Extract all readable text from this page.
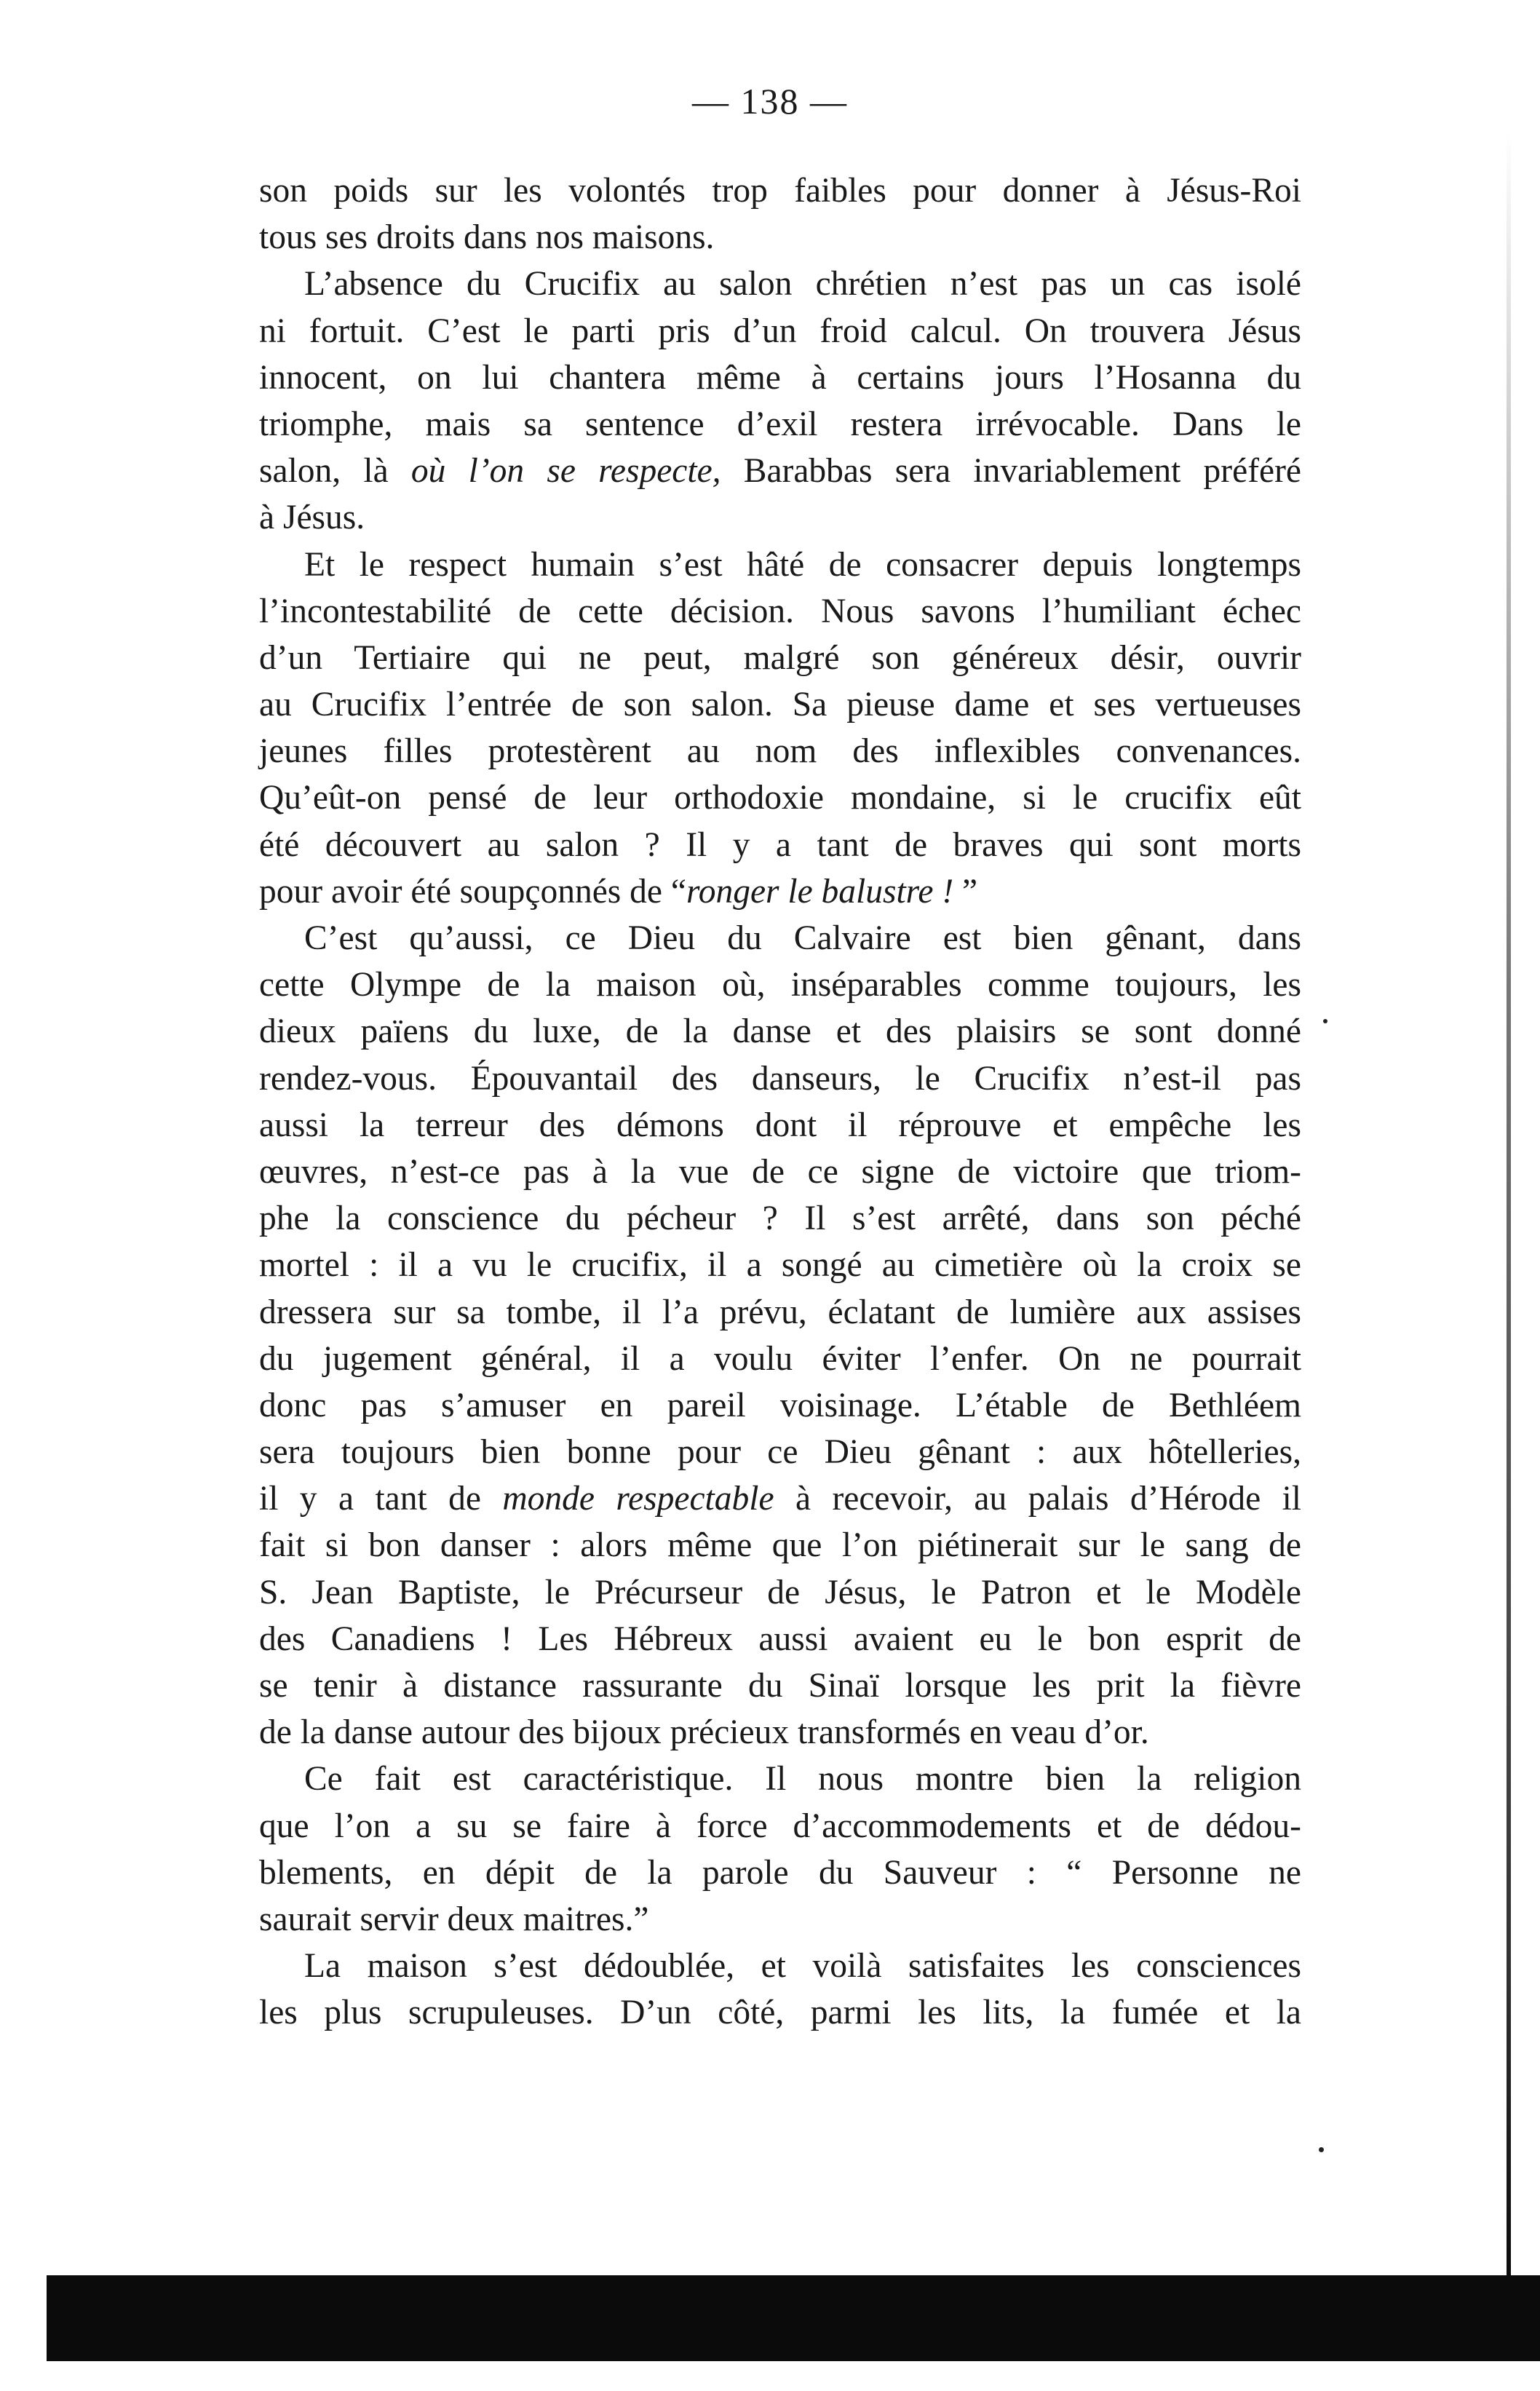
— 138 —
son poids sur les volontés trop faibles pour donner à Jésus-Roi
tous ses droits dans nos maisons.
L’absence du Crucifix au salon chrétien n’est pas un cas isolé
ni fortuit. C’est le parti pris d’un froid calcul. On trouvera Jésus
innocent, on lui chantera même à certains jours l’Hosanna du
triomphe, mais sa sentence d’exil restera irrévocable. Dans le
salon, là où l’on se respecte, Barabbas sera invariablement préféré
à Jésus.
Et le respect humain s’est hâté de consacrer depuis longtemps
l’incontestabilité de cette décision. Nous savons l’humiliant échec
d’un Tertiaire qui ne peut, malgré son généreux désir, ouvrir
au Crucifix l’entrée de son salon. Sa pieuse dame et ses vertueuses
jeunes filles protestèrent au nom des inflexibles convenances.
Qu’eût-on pensé de leur orthodoxie mondaine, si le crucifix eût
été découvert au salon ? Il y a tant de braves qui sont morts
pour avoir été soupçonnés de “ronger le balustre ! ”
C’est qu’aussi, ce Dieu du Calvaire est bien gênant, dans
cette Olympe de la maison où, inséparables comme toujours, les
dieux païens du luxe, de la danse et des plaisirs se sont donné
rendez-vous. Épouvantail des danseurs, le Crucifix n’est-il pas
aussi la terreur des démons dont il réprouve et empêche les
œuvres, n’est-ce pas à la vue de ce signe de victoire que triom-
phe la conscience du pécheur ? Il s’est arrêté, dans son péché
mortel : il a vu le crucifix, il a songé au cimetière où la croix se
dressera sur sa tombe, il l’a prévu, éclatant de lumière aux assises
du jugement général, il a voulu éviter l’enfer. On ne pourrait
donc pas s’amuser en pareil voisinage. L’étable de Bethléem
sera toujours bien bonne pour ce Dieu gênant : aux hôtelleries,
il y a tant de monde respectable à recevoir, au palais d’Hérode il
fait si bon danser : alors même que l’on piétinerait sur le sang de
S. Jean Baptiste, le Précurseur de Jésus, le Patron et le Modèle
des Canadiens ! Les Hébreux aussi avaient eu le bon esprit de
se tenir à distance rassurante du Sinaï lorsque les prit la fièvre
de la danse autour des bijoux précieux transformés en veau d’or.
Ce fait est caractéristique. Il nous montre bien la religion
que l’on a su se faire à force d’accommodements et de dédou-
blements, en dépit de la parole du Sauveur : “ Personne ne
saurait servir deux maitres.”
La maison s’est dédoublée, et voilà satisfaites les consciences
les plus scrupuleuses. D’un côté, parmi les lits, la fumée et la
